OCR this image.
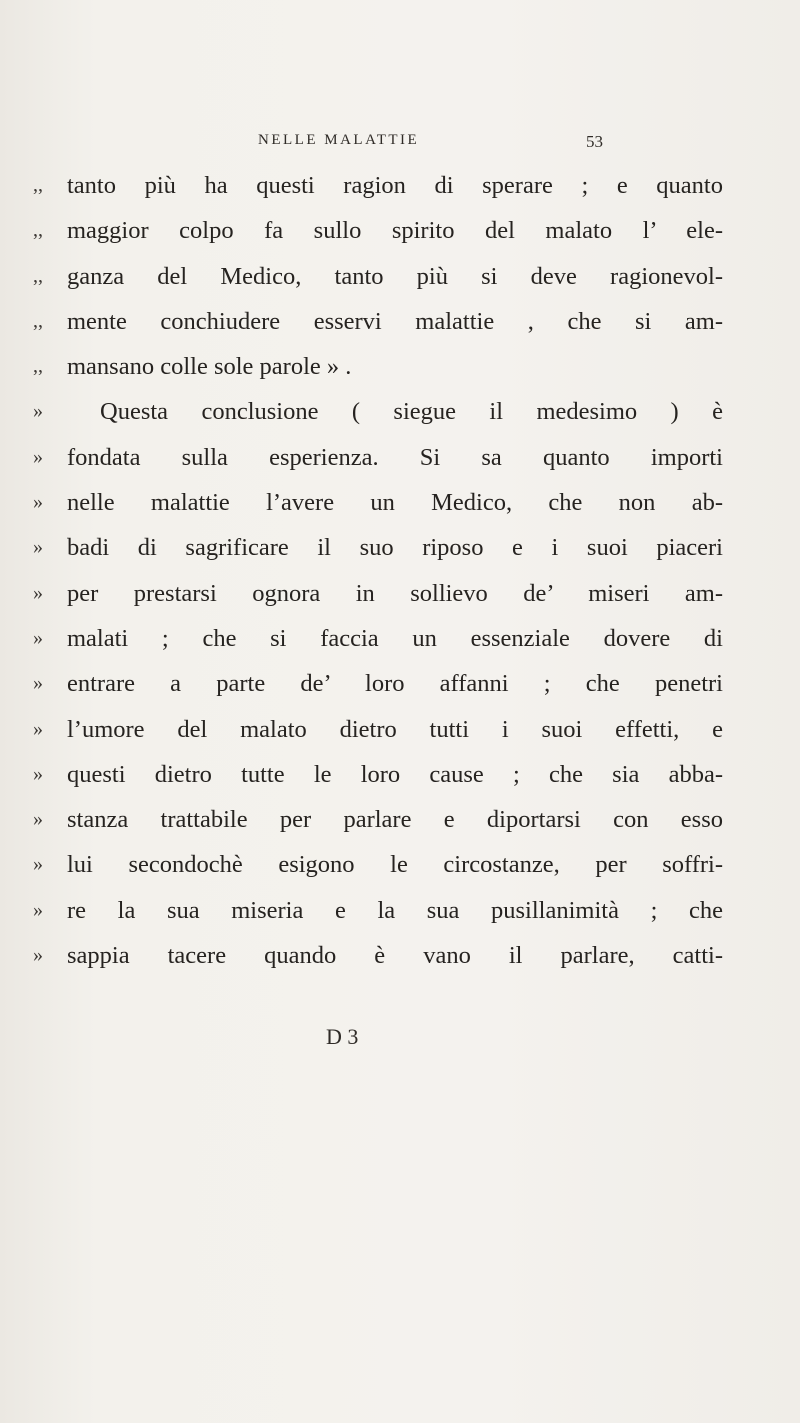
NELLE MALATTIE	53
,, tanto più ha questi ragion di sperare ; e quanto
,, maggior colpo fa sullo spirito del malato l’ ele-
,, ganza del Medico, tanto più si deve ragionevol-
,, mente conchiudere esservi malattie , che si am-
,, mansano colle sole parole » .
»	Questa conclusione ( siegue il medesimo ) è
» fondata sulla esperienza. Si sa quanto importi
» nelle malattie l’avere un Medico, che non ab-
» badi di sagrificare il suo riposo e i suoi piaceri
» per prestarsi ognora in sollievo de’ miseri am-
» malati ; che si faccia un essenziale dovere di
» entrare a parte de’ loro affanni ; che penetri
» l’umore del malato dietro tutti i suoi effetti, e
» questi dietro tutte le loro cause ; che sia abba-
» stanza trattabile per parlare e diportarsi con esso
» lui secondochè esigono le circostanze, per soffri-
» re la sua miseria e la sua pusillanimità ; che
» sappia tacere quando è vano il parlare, catti-
D 3
